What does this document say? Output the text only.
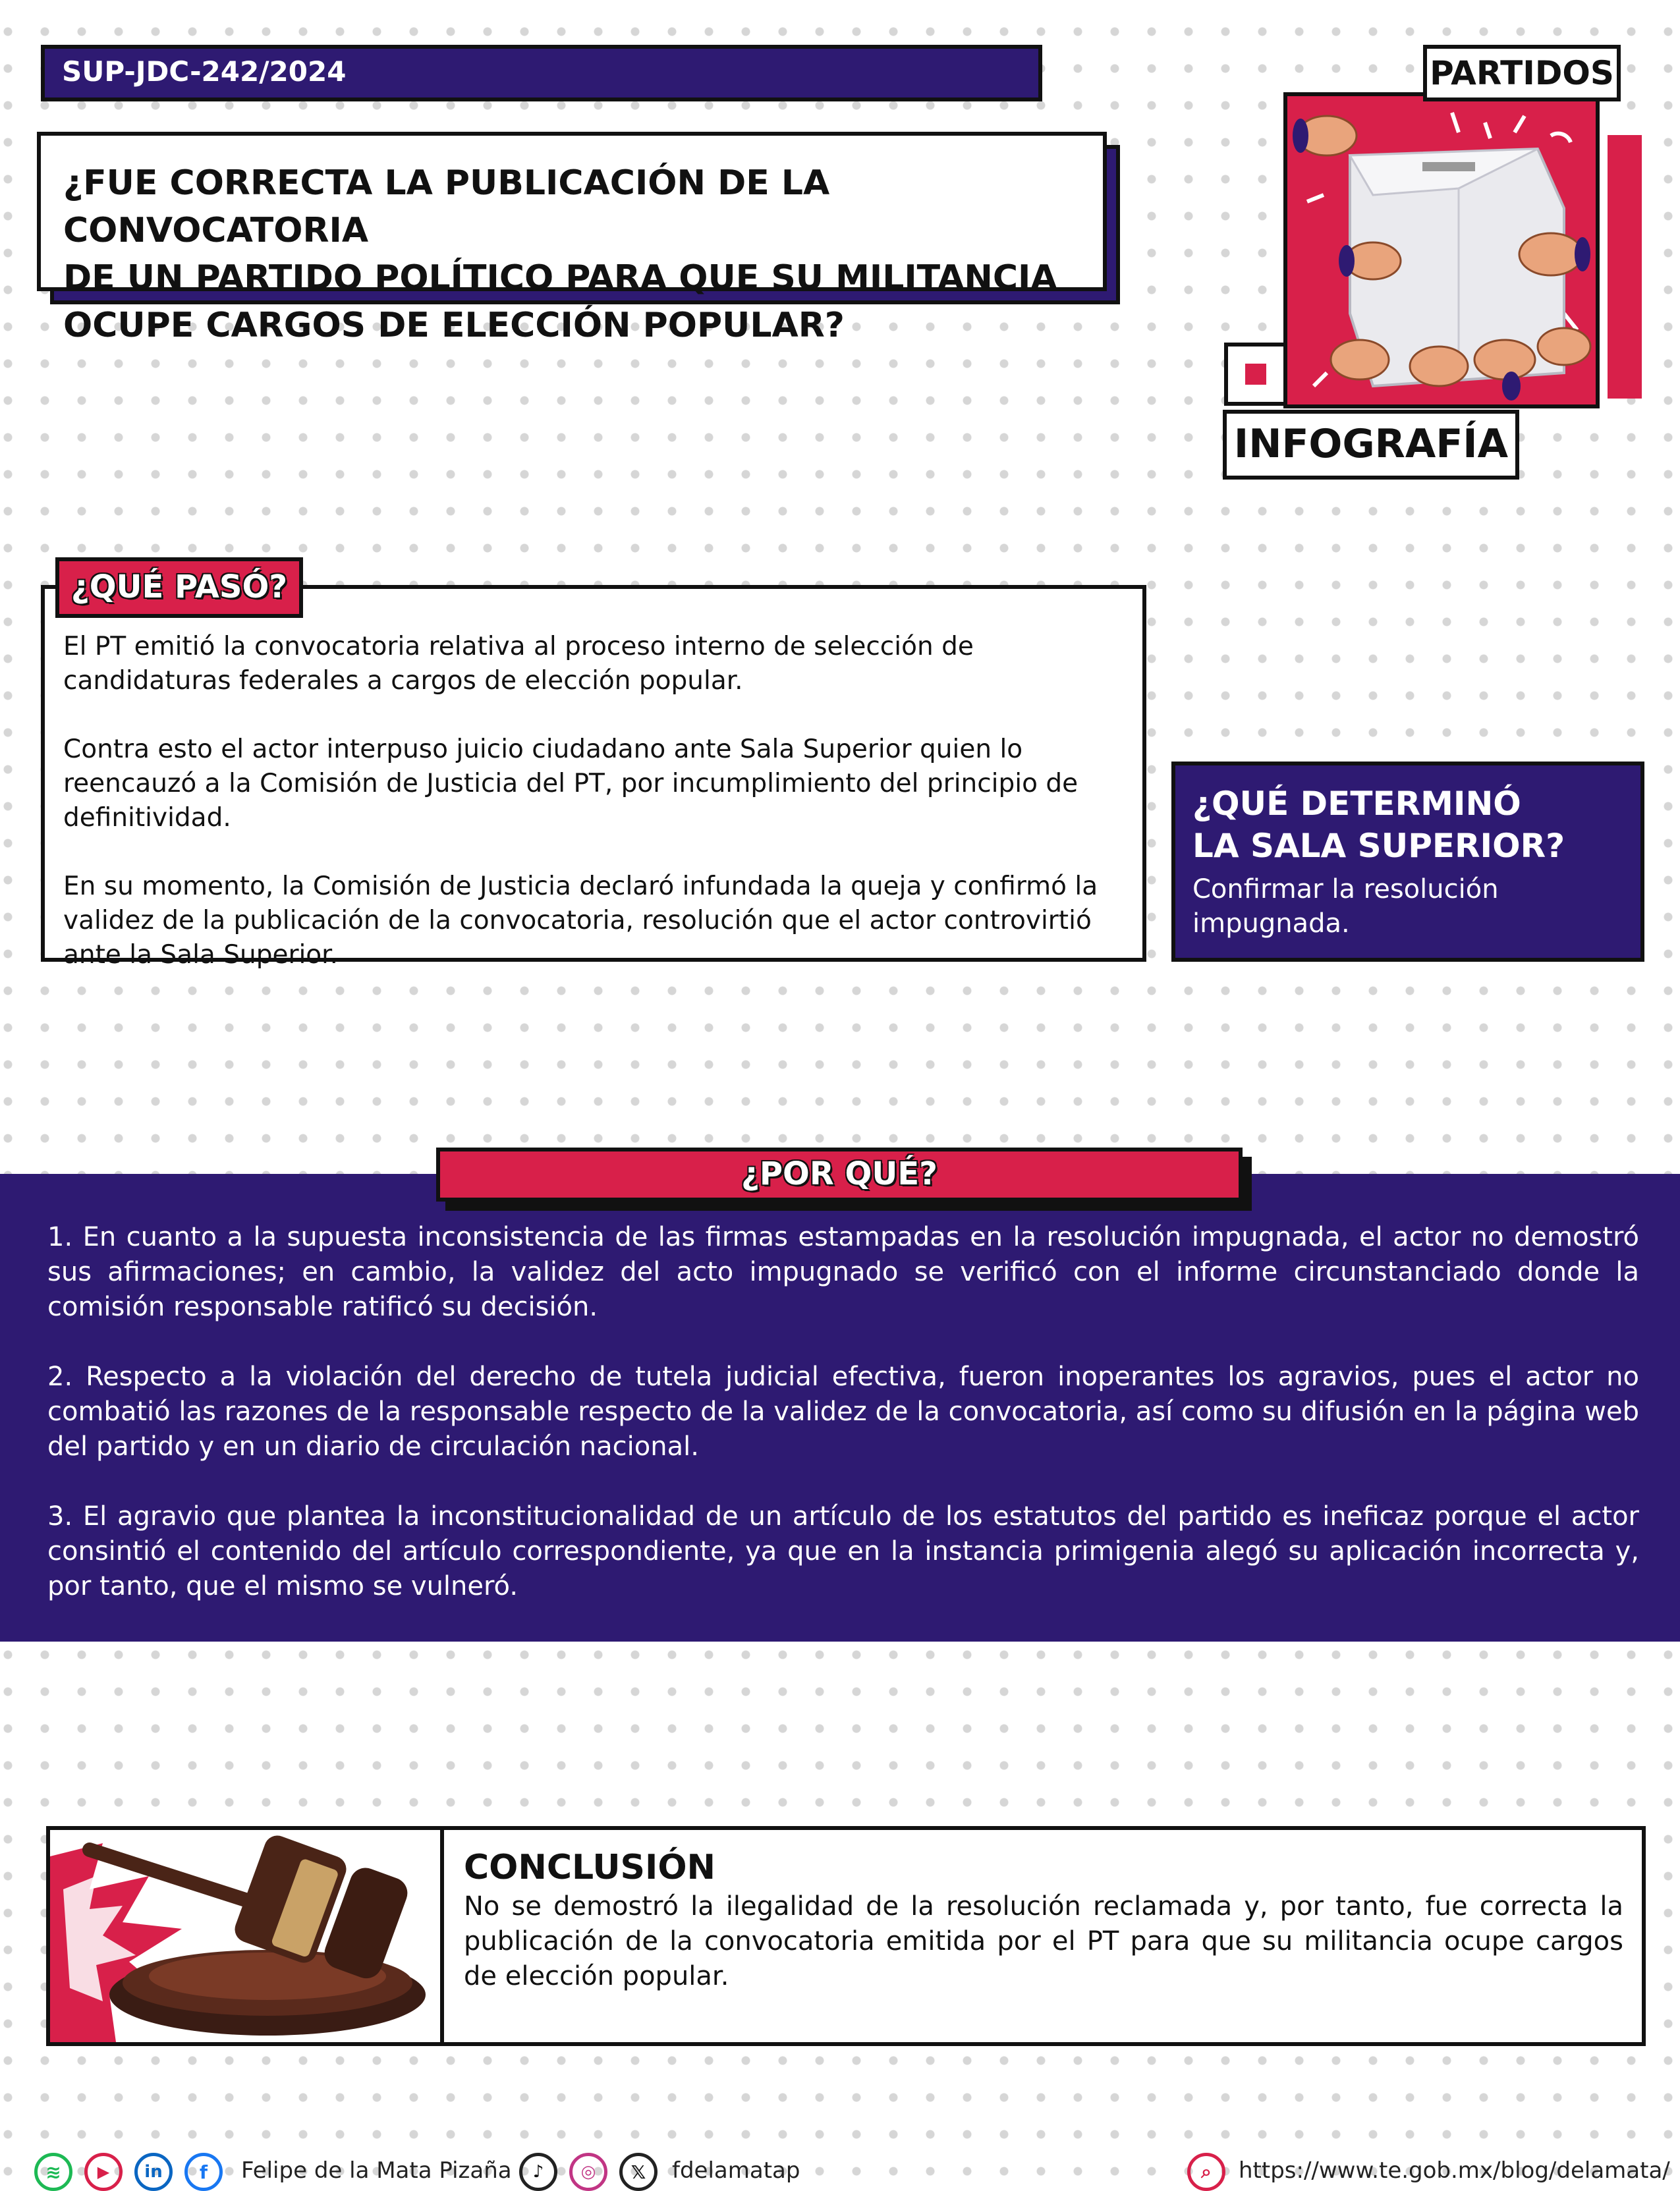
SUP-JDC-242/2024
¿FUE CORRECTA LA PUBLICACIÓN DE LA CONVOCATORIA
DE UN PARTIDO POLÍTICO PARA QUE SU MILITANCIA
OCUPE CARGOS DE ELECCIÓN POPULAR?
PARTIDOS
INFOGRAFÍA

El PT emitió la convocatoria relativa al proceso interno de selección de candidaturas federales a cargos de elección popular.

Contra esto el actor interpuso juicio ciudadano ante Sala Superior quien lo reencauzó a la Comisión de Justicia del PT, por incumplimiento del principio de definitividad.

En su momento, la Comisión de Justicia declaró infundada la queja y confirmó la validez de la publicación de la convocatoria, resolución que el actor controvirtió ante la Sala Superior.

¿QUÉ PASÓ?
¿QUÉ DETERMINÓ
LA SALA SUPERIOR?
Confirmar la resolución impugnada.

1. En cuanto a la supuesta inconsistencia de las firmas estampadas en la resolución impugnada, el actor no demostró sus afirmaciones; en cambio, la validez del acto impugnado se verificó con el informe circunstanciado donde la comisión responsable ratificó su decisión.

2. Respecto a la violación del derecho de tutela judicial efectiva, fueron inoperantes los agravios, pues el actor no combatió las razones de la responsable respecto de la validez de la convocatoria, así como su difusión en la página web del partido y en un diario de circulación nacional.

3. El agravio que plantea la inconstitucionalidad de un artículo de los estatutos del partido es ineficaz porque el actor consintió el contenido del artículo correspondiente, ya que en la instancia primigenia alegó su aplicación incorrecta y, por tanto, que el mismo se vulneró.

¿POR QUÉ?
CONCLUSIÓN
No se demostró la ilegalidad de la resolución reclamada y, por tanto, fue correcta la publicación de la convocatoria emitida por el PT para que su militancia ocupe cargos de elección popular.
≋	▶	in	f	Felipe de la Mata Pizaña	♪	◎	𝕏	fdelamatap	⌕	https://www.te.gob.mx/blog/delamata/
